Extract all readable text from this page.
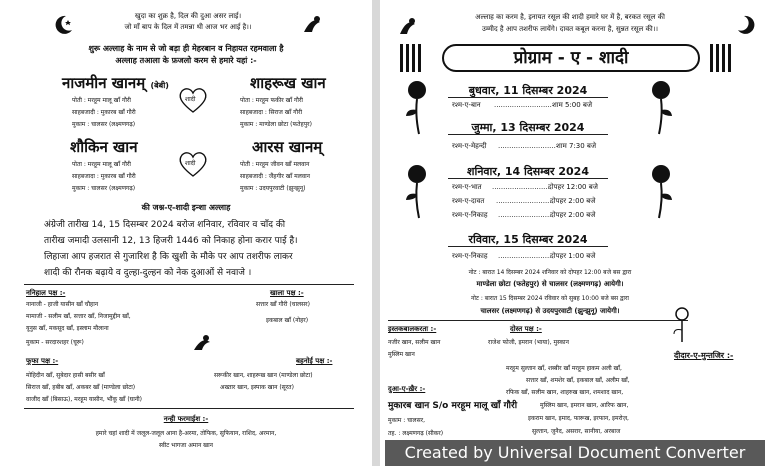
खुदा का शुक्र है, दिल की दुआ असर लाई।
जो माँ बाप के दिल में तमन्ना थी आज भर आई है।।
शुरू अल्लाह के नाम से जो बड़ा ही मेहरबान व निहायत रहमवाला है
अल्लाह तआला के फ़जलो करम से हमारे यहां :-
नाजमीन खानम् (बेबी)
पोती : मरहूम मालू खाँ गौरी
साहबजादी : मुकारब खाँ गौरी
मुकाम : चालसर (लक्ष्मणगढ़)
शादी
शाहरूख खान
पोता : मरहूम फकीर खाँ गौरी
साहबजादा : सिराज खाँ गौरी
मुकाम : माण्डेला छोटा (फतेहपुर)
शौकिन खान
पोता : मरहूम मालू खाँ गौरी
साहबजादा : मुकारब खाँ गौरी
मुकाम : चालसर (लक्ष्मणगढ़)
शादी
आरस खानम्
पोती : मरहूम जीवन खाँ मलवान
साहबजादी : जैंहगीर खाँ मलवान
मुकाम : उदयपुरवाटी (झुन्झुनू)
की जश्न-ए-शादी इन्शा अल्लाह
अंग्रेजी तारीख 14, 15 दिसम्बर 2024 बरोज शनिवार, रविवार व चाँद की
तारीख जमादी उलसानी 12, 13 हिजरी 1446 को निकाह होना करार पाई है।
लिहाजा आप हजरात से गुजारिश है कि खुशी के मौके पर आप तशरीफ लाकर
शादी की रौनक बढ़ाये व दुल्हा-दुल्हन को नेक दुआओं से नवाजे ।
ननिहाल पक्ष :-
नानाजी - हाजी यासीन खाँ चौहान
मामाजी - सलीम खाँ, सत्तार खाँ, निजामुद्दीन खाँ,
यूनुस खाँ, मकसूद खाँ, इस्लाम मौलाना
मुकाम - सरदारशहर (चूरू)
खाला पक्ष :-
सत्तार खाँ गौरी (चालसर)
इकबाल खाँ (नोहर)
फूफा पक्ष :-
मोहिदीन खाँ, सुबेदार हासी बसीर खाँ
सिराज खाँ, हबीब खाँ, अकबर खाँ (माण्डेला छोटा)
वाजीद खाँ (बिसाऊ), मरहूम यासीन, भौंकू खाँ (घानी)
बहनोई पक्ष :-
सरूकीर खान, शाहरूख खान (माण्डेला छोटा)
अख्तार खान, इस्पाक खान (सूरत)
नन्ही फरमाईश :-
हमारे चहां शादी में जलूल-जलूल आना है-अरमा, तोफिक, सुफियान, राशिद, अरमान,
स्वीट भागजा अमान खान
अल्लाह का करम है, इनायत रसूल की शादी हमारे घर में है, बरकत रसूल की
उम्मीद है आप तशरीफ लायेंगे। दावत कबूल करना है, सुन्नत रसूल की।।
प्रोग्राम - ए - शादी
बुधवार, 11 दिसम्बर 2024
रश्म-ए-बान .......................... शाम 5:00 बजे
जुम्मा, 13 दिसम्बर 2024
रश्म-ए-मेहन्दी .......................... शाम 7:30 बजे
शनिवार, 14 दिसम्बर 2024
रश्म-ए-भात ..........................
दोपहर 12:00 बजे
रश्म-ए-दावत .........................
दोपहर 2:00 बजे
रश्म-ए-निकाह ........................
दोपहर 2:00 बजे
रविवार, 15 दिसम्बर 2024
रश्म-ए-निकाह ........................
दोपहर 1:00 बजे
नोट : बारात 14 दिसम्बर 2024 शनिवार को दोपहर 12:00 बजे बस द्वारा
माण्डेला छोटा (फतेहपुर) से चालसर (लक्ष्मणगढ़) आयेगी।
नोट : बारात 15 दिसम्बर 2024 रविवार को सुबह 10:00 बजे बस द्वारा
चालसर (लक्ष्मणगढ़) से उदयपुरवाटी (झुन्झुनू) जायेगी।
इस्तकबालकरता :-
नजीर खान, सलीम खान
मुस्लिम खान
दोस्त पक्ष :-
राजेश फोजी, इमरान (भाया), मुस्कान
दीदार-ए-मुन्तजिर :-
मरहूम सुल्तान खाँ, शब्बीर खाँ मरहूम हाकम अली खाँ,
सत्तार खाँ, शमशेर खाँ, इकबाल खाँ, अलीम खाँ,
रफिक खाँ, सलीम खान, शाहरुख खान, शमशाद खान,
मुस्लिम खान, इमरान खान, आरिफ खान,
इकराम खान, इमाद, फारूख, इरफान, इमरोज़,
सुल्तान, जुनैद, असरार, सानीया, अरबाज
दुआ-ए-ख़ैर :-
मुकारब खान S/o मरहूम मालू खाँ गौरी
मुकाम : चालसर,
तह. : लक्ष्मणगढ़ (सीकर)
Created by Universal Document Converter
